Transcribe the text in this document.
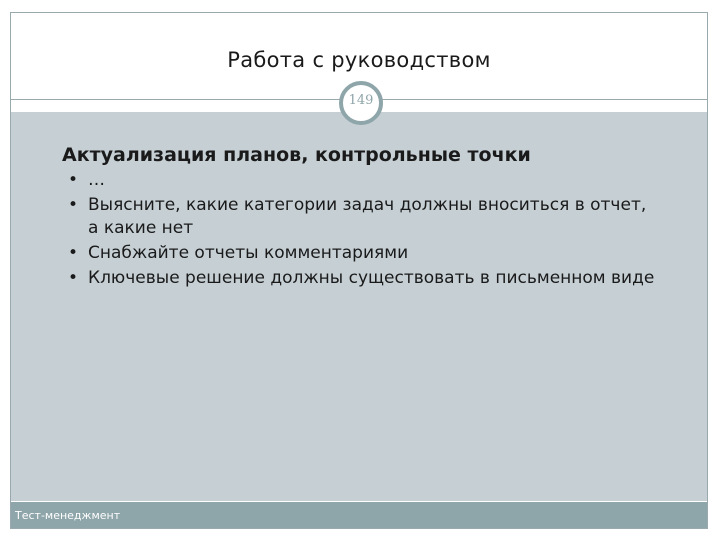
Работа с руководством
149
Тест-менеджмент
Актуализация планов, контрольные точки
• …
• Выясните, какие категории задач должны вноситься в отчет, а какие нет
• Снабжайте отчеты комментариями
• Ключевые решение должны существовать в письменном виде
